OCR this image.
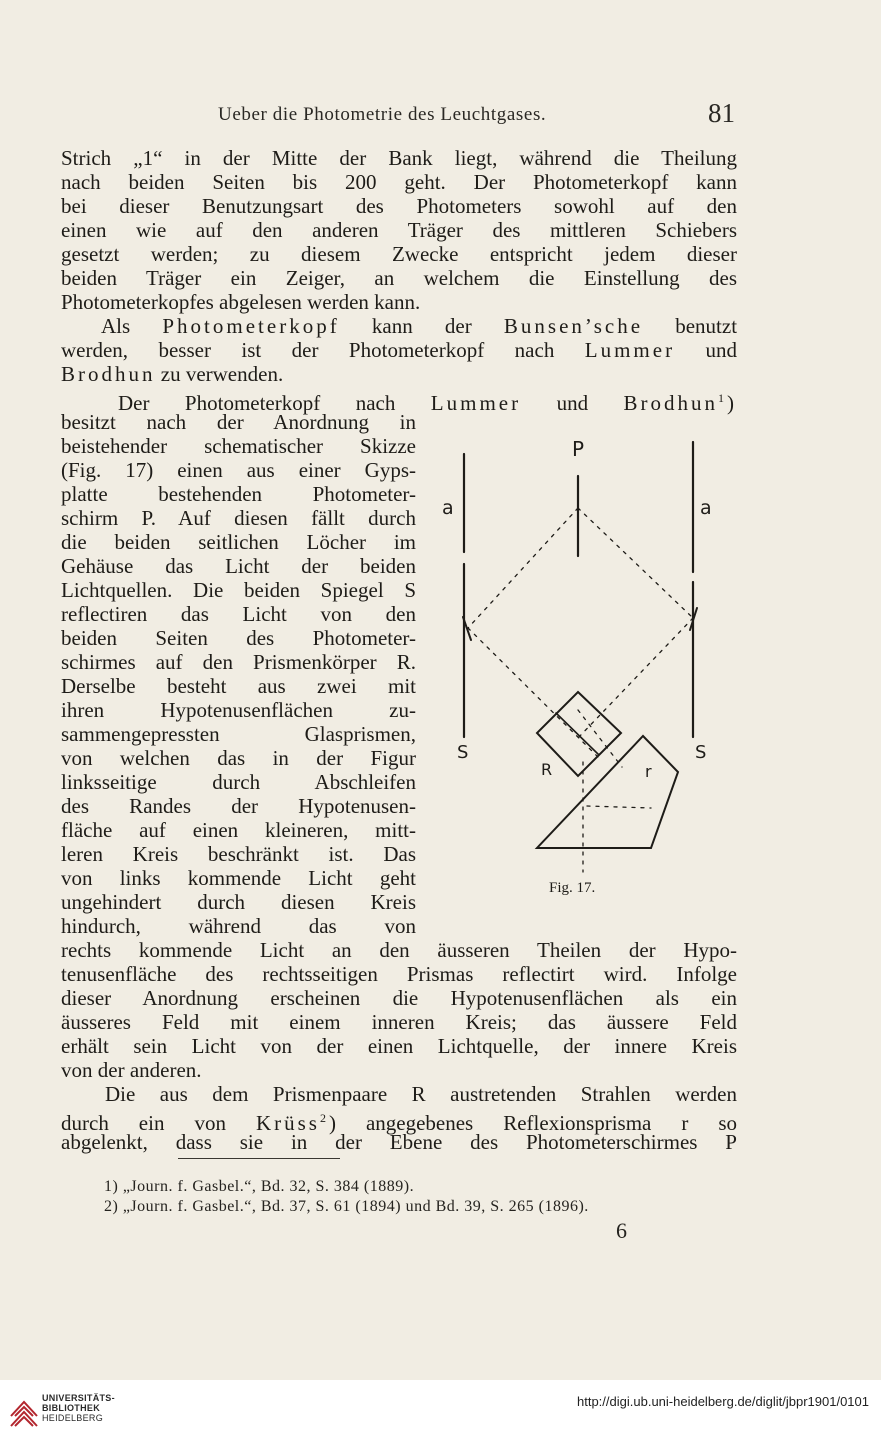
Ueber die Photometrie des Leuchtgases.	81
Strich „1“ in der Mitte der Bank liegt, während die Theilung
nach beiden Seiten bis 200 geht. Der Photometerkopf kann
bei dieser Benutzungsart des Photometers sowohl auf den
einen wie auf den anderen Träger des mittleren Schiebers
gesetzt werden; zu diesem Zwecke entspricht jedem dieser
beiden Träger ein Zeiger, an welchem die Einstellung des
Photometerkopfes abgelesen werden kann.
Als Photometerkopf kann der Bunsen’sche benutzt
werden, besser ist der Photometerkopf nach Lummer und
Brodhun zu verwenden.
Der Photometerkopf nach Lummer und Brodhun$^1$)
besitzt nach der Anordnung in
beistehender schematischer Skizze
(Fig. 17) einen aus einer Gyps-
platte bestehenden Photometer-
schirm P. Auf diesen fällt durch
die beiden seitlichen Löcher im
Gehäuse das Licht der beiden
Lichtquellen. Die beiden Spiegel S
reflectiren das Licht von den
beiden Seiten des Photometer-
schirmes auf den Prismenkörper R.
Derselbe besteht aus zwei mit
ihren Hypotenusenflächen zu-
sammengepressten Glasprismen,
von welchen das in der Figur
linksseitige durch Abschleifen
des Randes der Hypotenusen-
fläche auf einen kleineren, mitt-
leren Kreis beschränkt ist. Das
von links kommende Licht geht
ungehindert durch diesen Kreis
hindurch, während das von
rechts kommende Licht an den äusseren Theilen der Hypo-
tenusenfläche des rechtsseitigen Prismas reflectirt wird. Infolge
dieser Anordnung erscheinen die Hypotenusenflächen als ein
äusseres Feld mit einem inneren Kreis; das äussere Feld
erhält sein Licht von der einen Lichtquelle, der innere Kreis
von der anderen.
Die aus dem Prismenpaare R austretenden Strahlen werden
durch ein von Krüss$^2$) angegebenes Reflexionsprisma r so
abgelenkt, dass sie in der Ebene des Photometerschirmes P
P
a	a
S	S
R	r
Fig. 17.
1) „Journ. f. Gasbel.“, Bd. 32, S. 384 (1889).
2) „Journ. f. Gasbel.“, Bd. 37, S. 61 (1894) und Bd. 39, S. 265 (1896).
6
UNIVERSITÄTS-
BIBLIOTHEK
HEIDELBERG
http://digi.ub.uni-heidelberg.de/diglit/jbpr1901/0101
